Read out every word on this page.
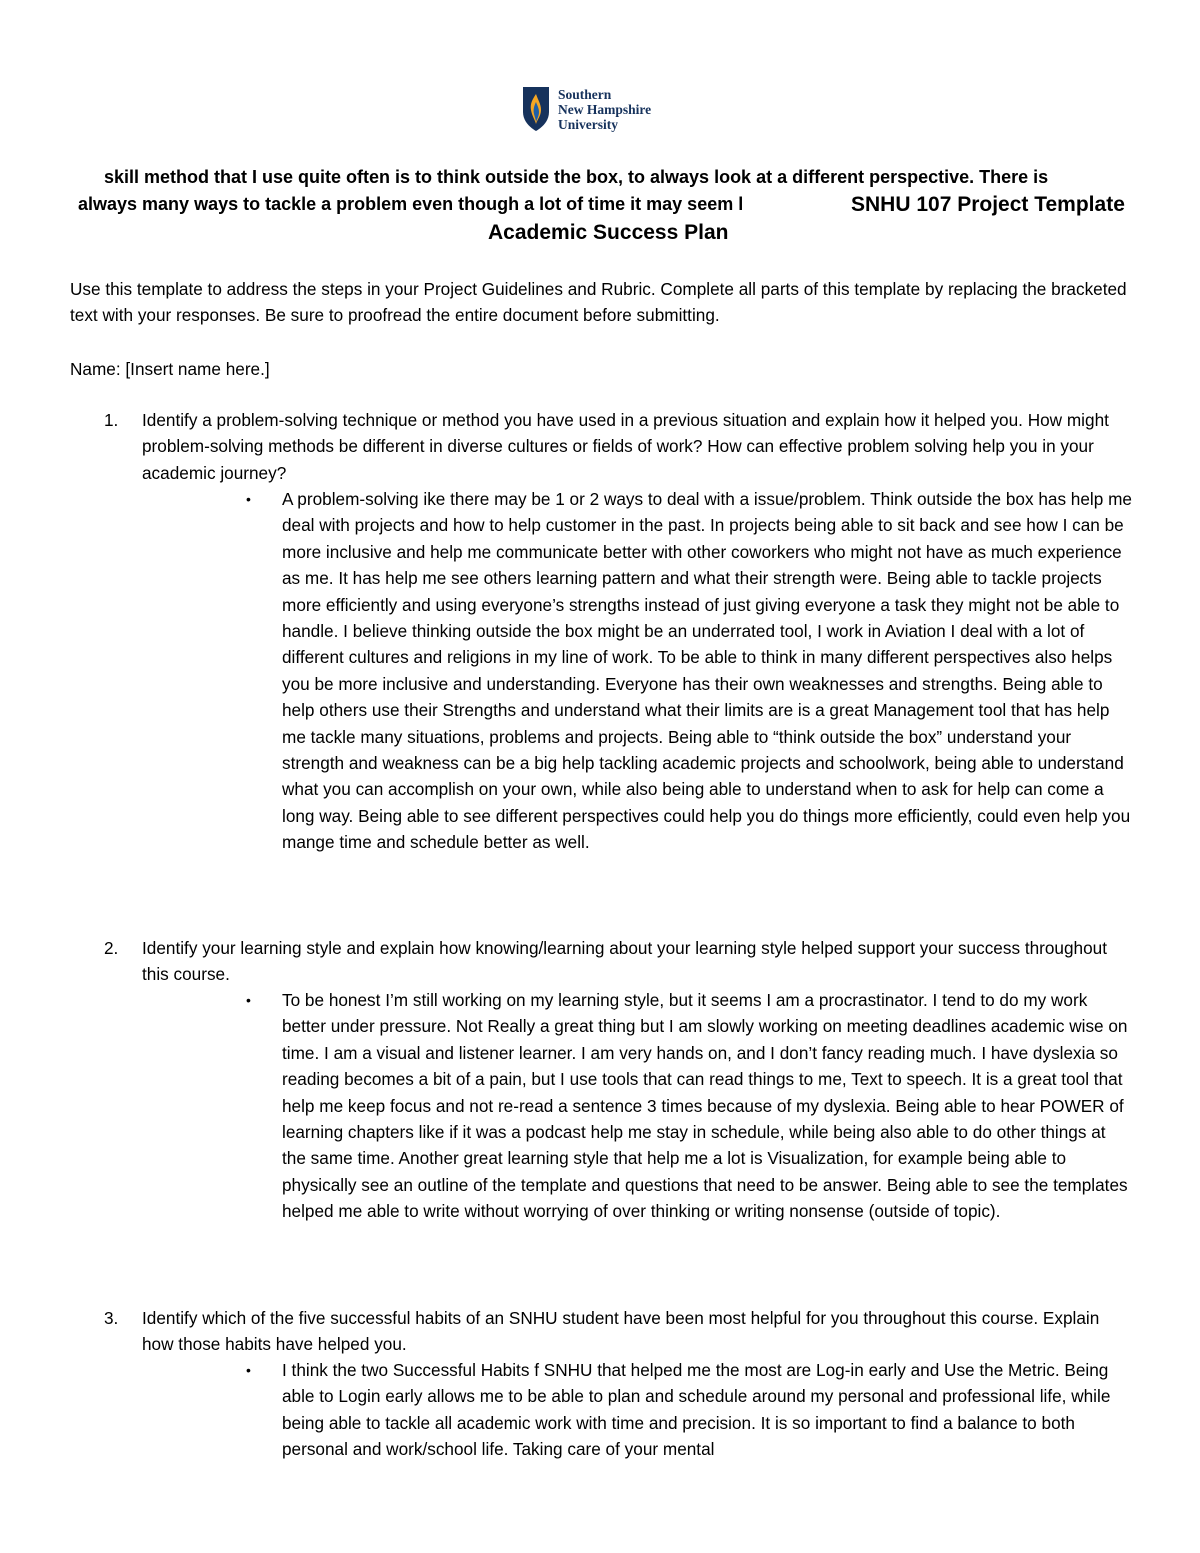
Southern
New Hampshire
University
skill method that I use quite often is to think outside the box, to always look at a different perspective. There is
always many ways to tackle a problem even though a lot of time it may seem l	SNHU 107 Project Template
Academic Success Plan
Use this template to address the steps in your Project Guidelines and Rubric. Complete all parts of this template by replacing the bracketed text with your responses. Be sure to proofread the entire document before submitting.
Name: [Insert name here.]
1. Identify a problem-solving technique or method you have used in a previous situation and explain how it helped you. How might problem-solving methods be different in diverse cultures or fields of work? How can effective problem solving help you in your academic journey?
• A problem-solving ike there may be 1 or 2 ways to deal with a issue/problem. Think outside the box has help me deal with projects and how to help customer in the past. In projects being able to sit back and see how I can be more inclusive and help me communicate better with other coworkers who might not have as much experience as me. It has help me see others learning pattern and what their strength were. Being able to tackle projects more efficiently and using everyone’s strengths instead of just giving everyone a task they might not be able to handle. I believe thinking outside the box might be an underrated tool, I work in Aviation I deal with a lot of different cultures and religions in my line of work. To be able to think in many different perspectives also helps you be more inclusive and understanding. Everyone has their own weaknesses and strengths. Being able to help others use their Strengths and understand what their limits are is a great Management tool that has help me tackle many situations, problems and projects. Being able to “think outside the box” understand your strength and weakness can be a big help tackling academic projects and schoolwork, being able to understand what you can accomplish on your own, while also being able to understand when to ask for help can come a long way. Being able to see different perspectives could help you do things more efficiently, could even help you mange time and schedule better as well.
2. Identify your learning style and explain how knowing/learning about your learning style helped support your success throughout this course.
• To be honest I’m still working on my learning style, but it seems I am a procrastinator. I tend to do my work better under pressure. Not Really a great thing but I am slowly working on meeting deadlines academic wise on time. I am a visual and listener learner. I am very hands on, and I don’t fancy reading much. I have dyslexia so reading becomes a bit of a pain, but I use tools that can read things to me, Text to speech. It is a great tool that help me keep focus and not re-read a sentence 3 times because of my dyslexia. Being able to hear POWER of learning chapters like if it was a podcast help me stay in schedule, while being also able to do other things at the same time. Another great learning style that help me a lot is Visualization, for example being able to physically see an outline of the template and questions that need to be answer. Being able to see the templates helped me able to write without worrying of over thinking or writing nonsense (outside of topic).
3. Identify which of the five successful habits of an SNHU student have been most helpful for you throughout this course. Explain how those habits have helped you.
• I think the two Successful Habits f SNHU that helped me the most are Log-in early and Use the Metric. Being able to Login early allows me to be able to plan and schedule around my personal and professional life, while being able to tackle all academic work with time and precision. It is so important to find a balance to both personal and work/school life. Taking care of your mental
